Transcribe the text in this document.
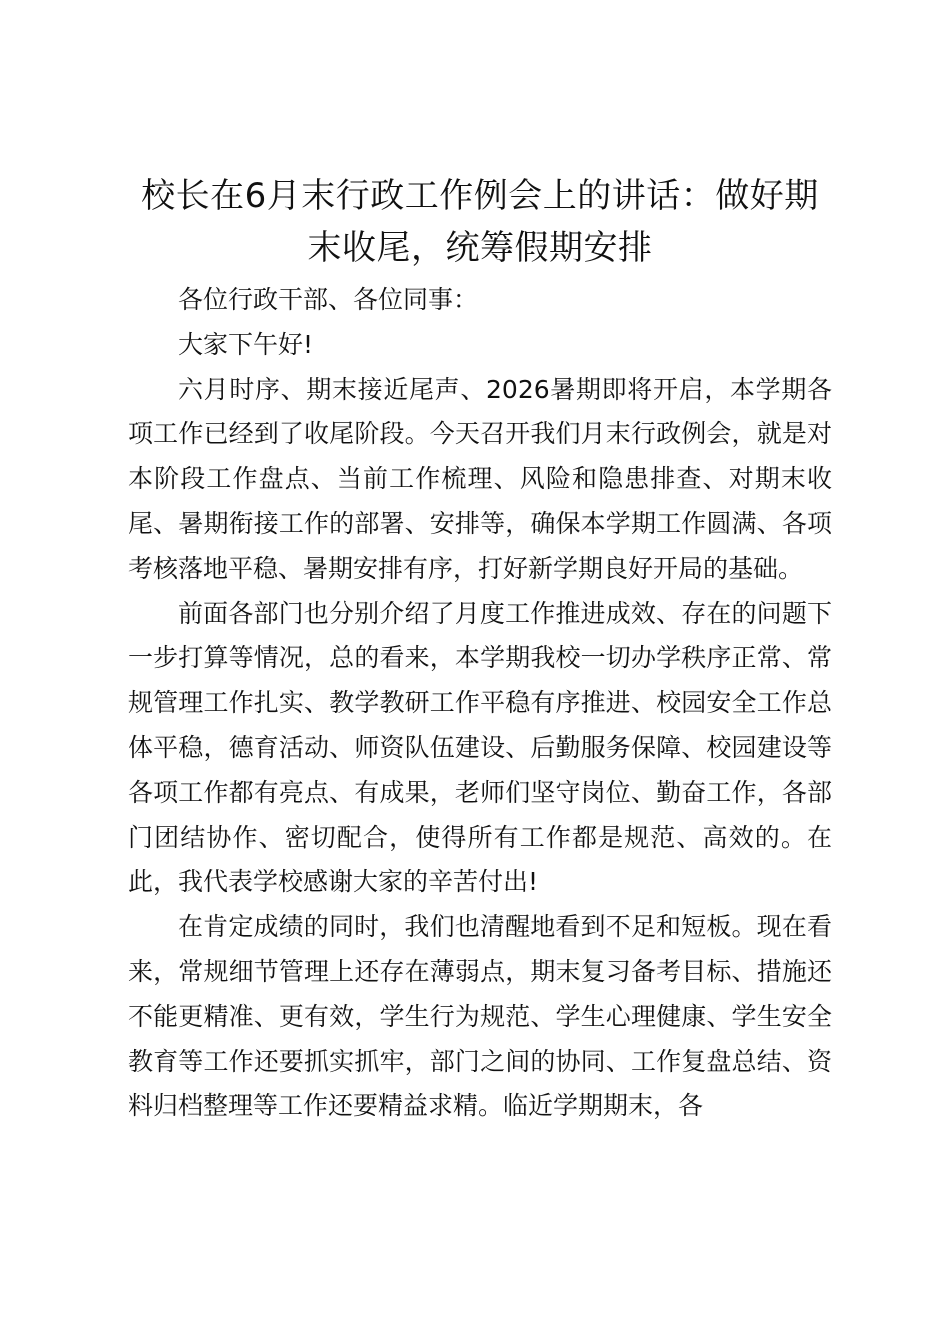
校长在6月末行政工作例会上的讲话：做好期末收尾，统筹假期安排

各位行政干部、各位同事：

大家下午好!

六月时序、期末接近尾声、2026暑期即将开启，本学期各项工作已经到了收尾阶段。今天召开我们月末行政例会，就是对本阶段工作盘点、当前工作梳理、风险和隐患排查、对期末收尾、暑期衔接工作的部署、安排等，确保本学期工作圆满、各项考核落地平稳、暑期安排有序，打好新学期良好开局的基础。

前面各部门也分别介绍了月度工作推进成效、存在的问题下一步打算等情况，总的看来，本学期我校一切办学秩序正常、常规管理工作扎实、教学教研工作平稳有序推进、校园安全工作总体平稳，德育活动、师资队伍建设、后勤服务保障、校园建设等各项工作都有亮点、有成果，老师们坚守岗位、勤奋工作，各部门团结协作、密切配合，使得所有工作都是规范、高效的。在此，我代表学校感谢大家的辛苦付出!

在肯定成绩的同时，我们也清醒地看到不足和短板。现在看来，常规细节管理上还存在薄弱点，期末复习备考目标、措施还不能更精准、更有效，学生行为规范、学生心理健康、学生安全教育等工作还要抓实抓牢，部门之间的协同、工作复盘总结、资料归档整理等工作还要精益求精。临近学期期末，各
